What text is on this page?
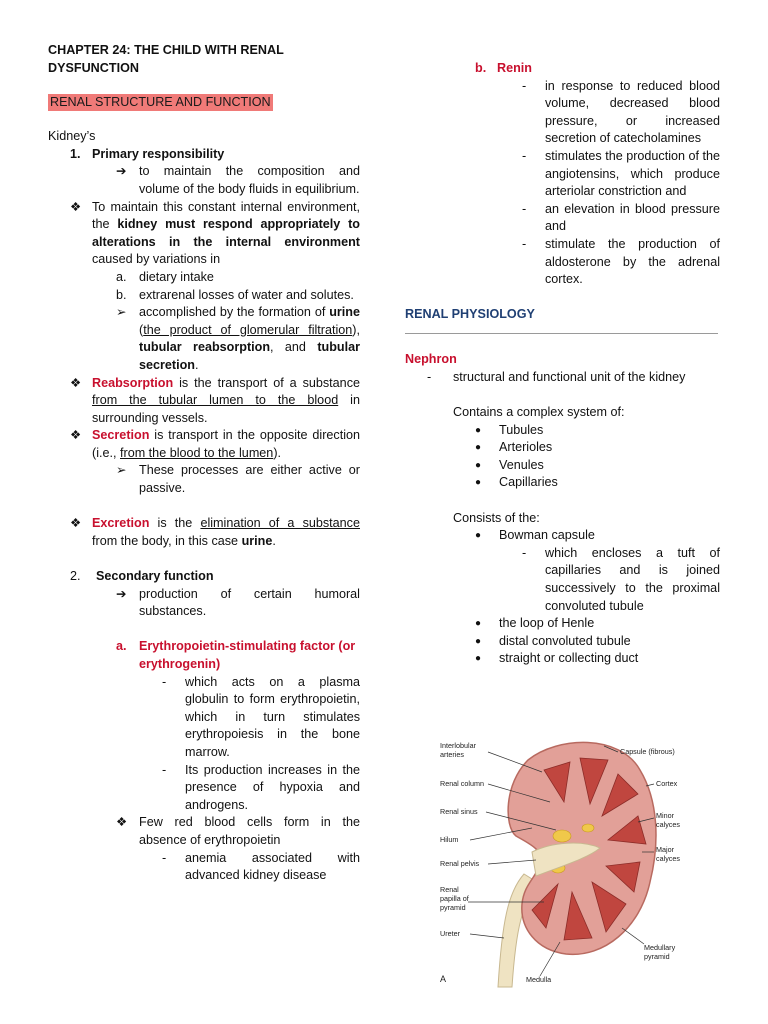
CHAPTER 24: THE CHILD WITH RENAL DYSFUNCTION
RENAL STRUCTURE AND FUNCTION
Kidney’s
1. Primary responsibility
➔ to maintain the composition and volume of the body fluids in equilibrium.
❖ To maintain this constant internal environment, the kidney must respond appropriately to alterations in the internal environment caused by variations in
a. dietary intake
b. extrarenal losses of water and solutes.
➢ accomplished by the formation of urine (the product of glomerular filtration), tubular reabsorption, and tubular secretion.
❖ Reabsorption is the transport of a substance from the tubular lumen to the blood in surrounding vessels.
❖ Secretion is transport in the opposite direction (i.e., from the blood to the lumen).
➢ These processes are either active or passive.
❖ Excretion is the elimination of a substance from the body, in this case urine.
2. Secondary function
➔ production of certain humoral substances.
a. Erythropoietin-stimulating factor (or erythrogenin)
- which acts on a plasma globulin to form erythropoietin, which in turn stimulates erythropoiesis in the bone marrow.
- Its production increases in the presence of hypoxia and androgens.
❖ Few red blood cells form in the absence of erythropoietin
- anemia associated with advanced kidney disease
b. Renin
- in response to reduced blood volume, decreased blood pressure, or increased secretion of catecholamines
- stimulates the production of the angiotensins, which produce arteriolar constriction and
- an elevation in blood pressure and
- stimulate the production of aldosterone by the adrenal cortex.
RENAL PHYSIOLOGY
Nephron
- structural and functional unit of the kidney
Contains a complex system of:
● Tubules
● Arterioles
● Venules
● Capillaries
Consists of the:
● Bowman capsule
- which encloses a tuft of capillaries and is joined successively to the proximal convoluted tubule
● the loop of Henle
● distal convoluted tubule
● straight or collecting duct
Interlobular
arteries
Renal column
Renal sinus
Hilum
Renal pelvis
Renal
papilla of
pyramid
Ureter
Capsule (fibrous)
Cortex
Minor
calyces
Major
calyces
Medullary
pyramid
Medulla
A
